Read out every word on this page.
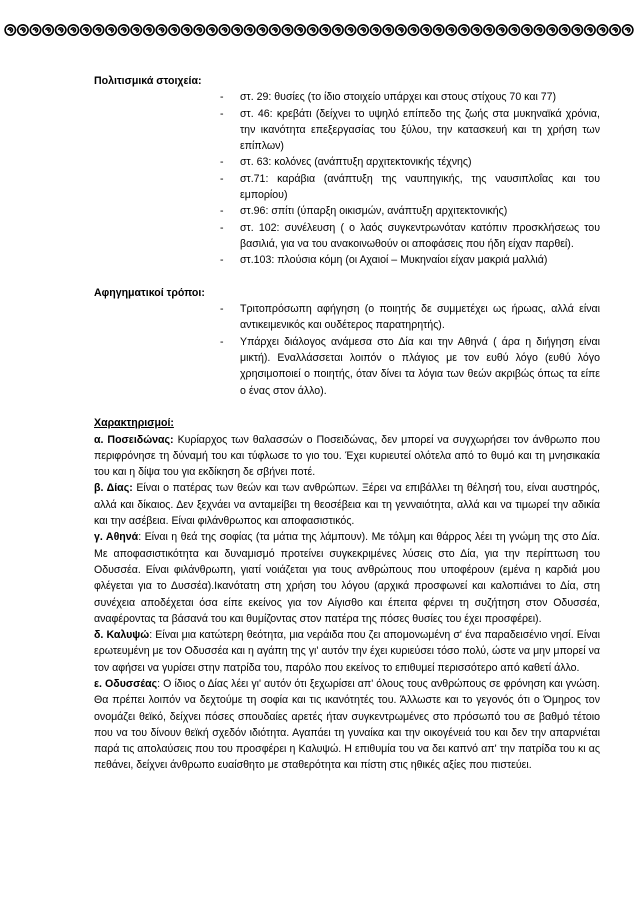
Πολιτισμικά στοιχεία:

- στ. 29: θυσίες (το ίδιο στοιχείο υπάρχει και στους στίχους 70 και 77)
- στ. 46: κρεβάτι (δείχνει το υψηλό επίπεδο της ζωής στα μυκηναϊκά χρόνια, την ικανότητα επεξεργασίας του ξύλου, την κατασκευή και τη χρήση των επίπλων)
- στ. 63: κολόνες (ανάπτυξη αρχιτεκτονικής τέχνης)
- στ.71: καράβια (ανάπτυξη της ναυπηγικής, της ναυσιπλοΐας και του εμπορίου)
- στ.96: σπίτι (ύπαρξη οικισμών, ανάπτυξη αρχιτεκτονικής)
- στ. 102: συνέλευση ( ο λαός συγκεντρωνόταν κατόπιν προσκλήσεως του βασιλιά, για να του ανακοινωθούν οι αποφάσεις που ήδη είχαν παρθεί).
- στ.103: πλούσια κόμη (οι Αχαιοί – Μυκηναίοι είχαν μακριά μαλλιά)

Αφηγηματικοί τρόποι:

- Τριτοπρόσωπη αφήγηση (ο ποιητής δε συμμετέχει ως ήρωας, αλλά είναι αντικειμενικός και ουδέτερος παρατηρητής).
- Υπάρχει διάλογος ανάμεσα στο Δία και την Αθηνά ( άρα η διήγηση είναι μικτή). Εναλλάσσεται λοιπόν ο πλάγιος με τον ευθύ λόγο (ευθύ λόγο χρησιμοποιεί ο ποιητής, όταν δίνει τα λόγια των θεών ακριβώς όπως τα είπε ο ένας στον άλλο).

Χαρακτηρισμοί:

α. Ποσειδώνας: Κυρίαρχος των θαλασσών ο Ποσειδώνας, δεν μπορεί να συγχωρήσει τον άνθρωπο που περιφρόνησε τη δύναμή του και τύφλωσε το γιο του. Έχει κυριευτεί ολότελα από το θυμό και τη μνησικακία του και η δίψα του για εκδίκηση δε σβήνει ποτέ.

β. Δίας: Είναι ο πατέρας των θεών και των ανθρώπων. Ξέρει να επιβάλλει τη θέλησή του, είναι αυστηρός, αλλά και δίκαιος. Δεν ξεχνάει να ανταμείβει τη θεοσέβεια και τη γενναιότητα, αλλά και να τιμωρεί την αδικία και την ασέβεια. Είναι φιλάνθρωπος και αποφασιστικός.

γ. Αθηνά: Είναι η θεά της σοφίας (τα μάτια της λάμπουν). Με τόλμη και θάρρος λέει τη γνώμη της στο Δία. Με αποφασιστικότητα και δυναμισμό προτείνει συγκεκριμένες λύσεις στο Δία, για την περίπτωση του Οδυσσέα. Είναι φιλάνθρωπη, γιατί νοιάζεται για τους ανθρώπους που υποφέρουν (εμένα η καρδιά μου φλέγεται για το Δυσσέα).Ικανότατη στη χρήση του λόγου (αρχικά προσφωνεί και καλοπιάνει το Δία, στη συνέχεια αποδέχεται όσα είπε εκείνος για τον Αίγισθο και έπειτα φέρνει τη συζήτηση στον Οδυσσέα, αναφέροντας τα βάσανά του και θυμίζοντας στον πατέρα της πόσες θυσίες του έχει προσφέρει).

δ. Καλυψώ: Είναι μια κατώτερη θεότητα, μια νεράιδα που ζει απομονωμένη σ' ένα παραδεισένιο νησί. Είναι ερωτευμένη με τον Οδυσσέα και η αγάπη της γι' αυτόν την έχει κυριεύσει τόσο πολύ, ώστε να μην μπορεί να τον αφήσει να γυρίσει στην πατρίδα του, παρόλο που εκείνος το επιθυμεί περισσότερο από καθετί άλλο.

ε. Οδυσσέας: Ο ίδιος ο Δίας λέει γι' αυτόν ότι ξεχωρίσει απ' όλους τους ανθρώπους σε φρόνηση και γνώση. Θα πρέπει λοιπόν να δεχτούμε τη σοφία και τις ικανότητές του. Άλλωστε και το γεγονός ότι ο Όμηρος τον ονομάζει θεϊκό, δείχνει πόσες σπουδαίες αρετές ήταν συγκεντρωμένες στο πρόσωπό του σε βαθμό τέτοιο που να του δίνουν θεϊκή σχεδόν ιδιότητα. Αγαπάει τη γυναίκα και την οικογένειά του και δεν την απαρνιέται παρά τις απολαύσεις που του προσφέρει η Καλυψώ. Η επιθυμία του να δει καπνό απ' την πατρίδα του κι ας πεθάνει, δείχνει άνθρωπο ευαίσθητο με σταθερότητα και πίστη στις ηθικές αξίες που πιστεύει.
